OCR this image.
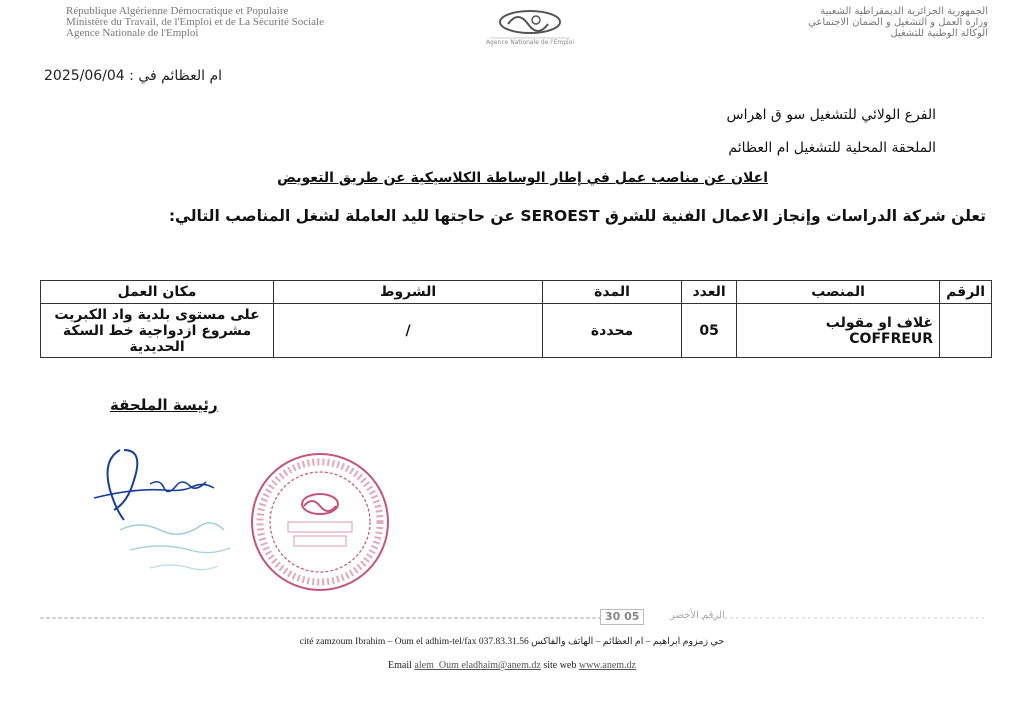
République Algérienne Démocratique et Populaire
Ministère du Travail, de l'Emploi et de La Sécurité Sociale
Agence Nationale de l'Emploi
Agence Nationale de l'Emploi
الجمهورية الجزائرية الديمقراطية الشعبية
وزارة العمل و التشغيل و الضمان الاجتماعي
الوكالة الوطنية للتشغيل
ام العظائم في : 2025/06/04
الفرع الولائي للتشغيل سو ق اهراس
الملحقة المحلية للتشغيل ام العظائم
اعلان عن مناصب عمل في إطار الوساطة الكلاسيكية عن طريق التعويض
تعلن شركة الدراسات وإنجاز الاعمال الفنية للشرق SEROEST عن حاجتها لليد العاملة لشغل المناصب التالي:
الرقم	المنصب	العدد	المدة	الشروط	مكان العمل

	غلاف او مقولب
COFFREUR	05	محددة	/	على مستوى بلدية واد الكبريت
مشروع ازدواجية خط السكة الحديدية
رئيسة الملحقة
30 05	الرقم الأخضر
cité zamzoum Ibrahim – Oum el adhim-tel/fax 037.83.31.56 حي زمزوم ابراهيم – ام العظائم – الهاتف والفاكس
Email alem_Oum eladhaim@anem.dz site web www.anem.dz
